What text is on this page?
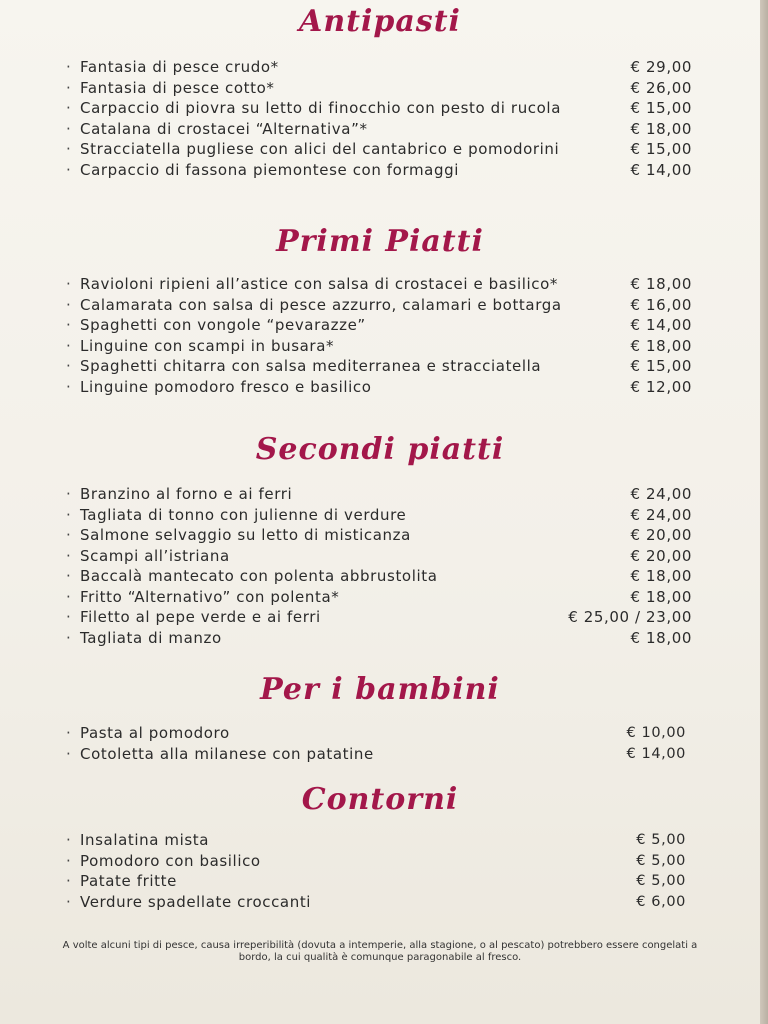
Antipasti
· Fantasia di pesce crudo*	€ 29,00
· Fantasia di pesce cotto*	€ 26,00
· Carpaccio di piovra su letto di finocchio con pesto di rucola	€ 15,00
· Catalana di crostacei “Alternativa”*	€ 18,00
· Stracciatella pugliese con alici del cantabrico e pomodorini	€ 15,00
· Carpaccio di fassona piemontese con formaggi	€ 14,00
Primi Piatti
· Ravioloni ripieni all’astice con salsa di crostacei e basilico*	€ 18,00
· Calamarata con salsa di pesce azzurro, calamari e bottarga	€ 16,00
· Spaghetti con vongole “pevarazze”	€ 14,00
· Linguine con scampi in busara*	€ 18,00
· Spaghetti chitarra con salsa mediterranea e stracciatella	€ 15,00
· Linguine pomodoro fresco e basilico	€ 12,00
Secondi piatti
· Branzino al forno e ai ferri	€ 24,00
· Tagliata di tonno con julienne di verdure	€ 24,00
· Salmone selvaggio su letto di misticanza	€ 20,00
· Scampi all’istriana	€ 20,00
· Baccalà mantecato con polenta abbrustolita	€ 18,00
· Fritto “Alternativo” con polenta*	€ 18,00
· Filetto al pepe verde e ai ferri	€ 25,00 / 23,00
· Tagliata di manzo	€ 18,00
Per i bambini
· Pasta al pomodoro	€ 10,00
· Cotoletta alla milanese con patatine	€ 14,00
Contorni
· Insalatina mista	€ 5,00
· Pomodoro con basilico	€ 5,00
· Patate fritte	€ 5,00
· Verdure spadellate croccanti	€ 6,00
A volte alcuni tipi di pesce, causa irreperibilità (dovuta a intemperie, alla stagione, o al pescato) potrebbero essere congelati a bordo, la cui qualità è comunque paragonabile al fresco.
